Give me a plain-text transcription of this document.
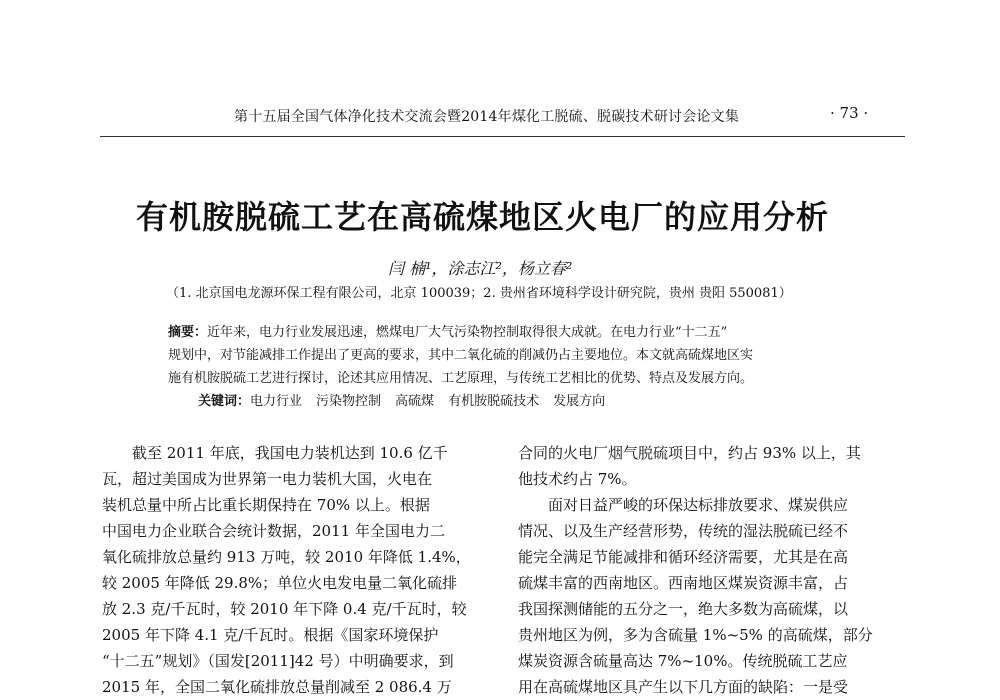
第十五届全国气体净化技术交流会暨2014年煤化工脱硫、脱碳技术研讨会论文集	· 73 ·
有机胺脱硫工艺在高硫煤地区火电厂的应用分析
闫 楠¹，涂志江²，杨立春²
（1. 北京国电龙源环保工程有限公司，北京 100039；2. 贵州省环境科学设计研究院，贵州 贵阳 550081）
摘要：近年来，电力行业发展迅速，燃煤电厂大气污染物控制取得很大成就。在电力行业“十二五”
规划中，对节能减排工作提出了更高的要求，其中二氧化硫的削减仍占主要地位。本文就高硫煤地区实
施有机胺脱硫工艺进行探讨，论述其应用情况、工艺原理，与传统工艺相比的优势、特点及发展方向。
关键词：电力行业 污染物控制 高硫煤 有机胺脱硫技术 发展方向
截至 2011 年底，我国电力装机达到 10.6 亿千
瓦，超过美国成为世界第一电力装机大国，火电在
装机总量中所占比重长期保持在 70% 以上。根据
中国电力企业联合会统计数据，2011 年全国电力二
氧化硫排放总量约 913 万吨，较 2010 年降低 1.4%，
较 2005 年降低 29.8%；单位火电发电量二氧化硫排
放 2.3 克/千瓦时，较 2010 年下降 0.4 克/千瓦时，较
2005 年下降 4.1 克/千瓦时。根据《国家环境保护
“十二五”规划》（国发[2011]42 号）中明确要求，到
2015 年，全国二氧化硫排放总量削减至 2 086.4 万
合同的火电厂烟气脱硫项目中，约占 93% 以上，其
他技术约占 7%。
面对日益严峻的环保达标排放要求、煤炭供应
情况、以及生产经营形势，传统的湿法脱硫已经不
能完全满足节能减排和循环经济需要，尤其是在高
硫煤丰富的西南地区。西南地区煤炭资源丰富，占
我国探测储能的五分之一，绝大多数为高硫煤，以
贵州地区为例，多为含硫量 1%~5% 的高硫煤，部分
煤炭资源含硫量高达 7%~10%。传统脱硫工艺应
用在高硫煤地区具产生以下几方面的缺陷：一是受
